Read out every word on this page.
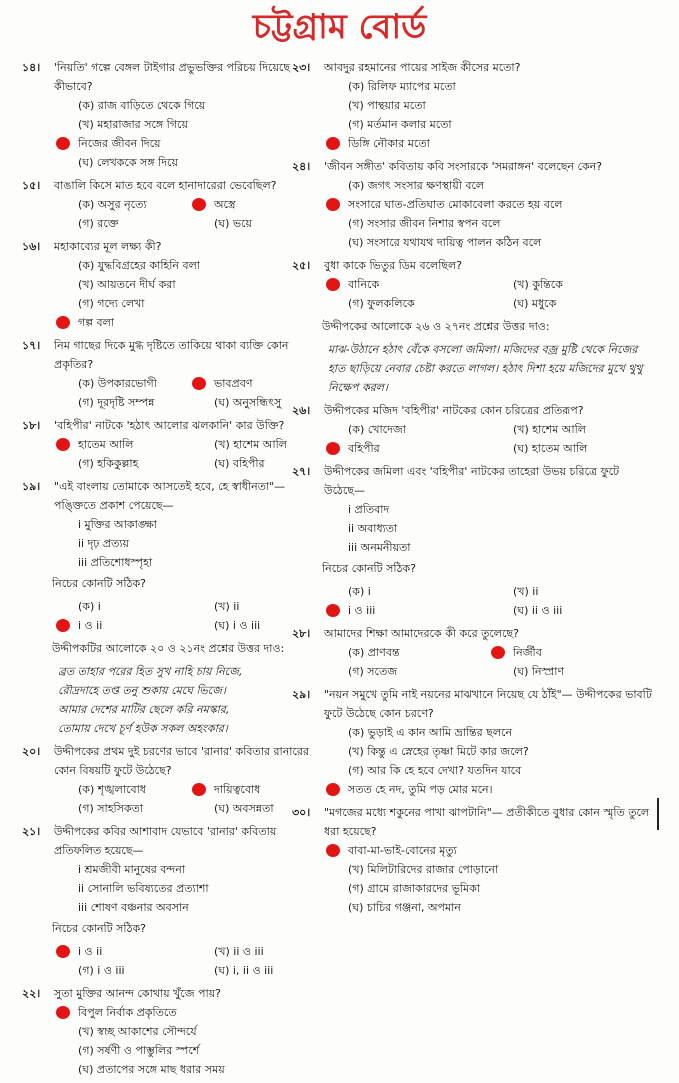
চট্টগ্রাম বোর্ড
১৪।	'নিয়তি' গল্পে বেঙ্গল টাইগার প্রভুভক্তির পরিচয় দিয়েছে কীভাবে?
(ক) রাজ বাড়িতে থেকে গিয়ে
(খ) মহারাজার সঙ্গে গিয়ে
নিজের জীবন দিয়ে
(ঘ) লেখককে সঙ্গ দিয়ে
১৫।	বাঙালি কিসে মাত হবে বলে হানাদারেরা ভেবেছিল?
(ক) অসুর নৃত্যে	অস্ত্রে
(গ) রক্তে	(ঘ) ভয়ে
১৬।	মহাকাব্যের মূল লক্ষ্য কী?
(ক) যুদ্ধবিগ্রহের কাহিনি বলা
(খ) আয়তনে দীর্ঘ করা
(গ) গদ্যে লেখা
গল্প বলা
১৭।	নিম গাছের দিকে মুগ্ধ দৃষ্টিতে তাকিয়ে থাকা ব্যক্তি কোন প্রকৃতির?
(ক) উপকারভোগী	ভাবপ্রবণ
(গ) দূরদৃষ্টি সম্পন্ন	(ঘ) অনুসন্ধিৎসু
১৮।	'বহিপীর' নাটকে 'হঠাৎ আলোর ঝলকানি' কার উক্তি?
হাতেম আলি	(খ) হাশেম আলি
(গ) হকিকুল্লাহ	(ঘ) বহিপীর
১৯।	"এই বাংলায় তোমাকে আসতেই হবে, হে স্বাধীনতা"— পঙ্ক্তিতে প্রকাশ পেয়েছে—
i মুক্তির আকাঙ্ক্ষা
ii দৃঢ় প্রত্যয়
iii প্রতিশোধস্পৃহা
নিচের কোনটি সঠিক?
(ক) i	(খ) ii
i ও ii	(ঘ) i ও iii
উদ্দীপকটির আলোকে ২০ ও ২১নং প্রশ্নের উত্তর দাও:
ব্রত তাহার পরের হিত সুখ নাহি চায় নিজে,
রৌদ্রদাহে তপ্ত তনু শুকায় মেঘে ভিজে।
আমার দেশের মাটির ছেলে করি নমস্কার,
তোমায় দেখে চূর্ণ হউক সকল অহংকার।
২০।	উদ্দীপকের প্রথম দুই চরণের ভাবে 'রানার' কবিতার রানারের কোন বিষয়টি ফুটে উঠেছে?
(ক) শৃঙ্খলাবোধ	দায়িত্ববোধ
(গ) সাহসিকতা	(ঘ) অবসন্নতা
২১।	উদ্দীপকের কবির আশাবাদ যেভাবে 'রানার' কবিতায় প্রতিফলিত হয়েছে—
i শ্রমজীবী মানুষের বন্দনা
ii সোনালি ভবিষ্যতের প্রত্যাশা
iii শোষণ বঞ্চনার অবসান
নিচের কোনটি সঠিক?
i ও ii	(খ) ii ও iii
(গ) i ও iii	(ঘ) i, ii ও iii
২২।	সুতা মুক্তির আনন্দ কোথায় খুঁজে পায়?
বিপুল নির্বাক প্রকৃতিতে
(খ) স্বচ্ছ আকাশের সৌন্দর্যে
(গ) সর্ষণী ও পাম্ভুলির স্পর্শে
(ঘ) প্রতাপের সঙ্গে মাছ ধরার সময়
২৩।	আবদুর রহমানের পায়ের সাইজ কীসের মতো?
(ক) রিলিফ ম্যাপের মতো
(খ) পান্থয়ার মতো
(গ) মর্তমান কলার মতো
ডিঙ্গি নৌকার মতো
২৪।	'জীবন সঙ্গীত' কবিতায় কবি সংসারকে 'সমরাঙ্গন' বলেছেন কেন?
(ক) জগৎ সংসার ক্ষণস্থায়ী বলে
সংসারে ঘাত-প্রতিঘাত মোকাবেলা করতে হয় বলে
(গ) সংসার জীবন নিশার স্বপন বলে
(ঘ) সংসারে যথাযথ দায়িত্ব পালন কঠিন বলে
২৫।	বুধা কাকে ভিতুর ডিম বলেছিল?
বানিকে	(খ) কুন্তিকে
(গ) ফুলকলিকে	(ঘ) মধুকে
উদ্দীপকের আলোকে ২৬ ও ২৭নং প্রশ্নের উত্তর দাও:
মাঝ-উঠানে হঠাৎ বেঁকে বসলো জমিলা। মজিদের বজ্র মুষ্টি থেকে নিজের হাত ছাড়িয়ে নেবার চেষ্টা করতে লাগল। হঠাৎ দিশা হয়ে মজিদের মুখে থুথু নিক্ষেপ করল।
২৬।	উদ্দীপকের মজিদ 'বহিপীর' নাটকের কোন চরিত্রের প্রতিরূপ?
(ক) খোদেজা	(খ) হাশেম আলি
বহিপীর	(ঘ) হাতেম আলি
২৭।	উদ্দীপকের জমিলা এবং 'বহিপীর' নাটকের তাহেরা উভয় চরিত্রে ফুটে উঠেছে—
i প্রতিবাদ
ii অবাধ্যতা
iii অনমনীয়তা
নিচের কোনটি সঠিক?
(ক) i	(খ) ii
i ও iii	(ঘ) ii ও iii
২৮।	আমাদের শিক্ষা আমাদেরকে কী করে তুলেছে?
(ক) প্রাণবন্ত	নির্জীব
(গ) সতেজ	(ঘ) নিস্প্রাণ
২৯।	"নয়ন সমুখে তুমি নাই নয়নের মাঝখানে নিয়েছ যে ঠাঁই"— উদ্দীপকের ভাবটি ফুটে উঠেছে কোন চরণে?
(ক) ভুড়াই এ কান আমি ভ্রান্তির ছলনে
(খ) কিন্তু এ স্নেহের তৃষ্ণা মিটে কার জলে?
(গ) আর কি হে হবে দেখা? যতদিন যাবে
সতত হে নদ, তুমি পড় মোর মনে।
৩০।	"মগজের মধ্যে শকুনের পাখা ঝাপটানি"— প্রতীকীতে বুধার কোন স্মৃতি তুলে ধরা হয়েছে?
বাবা-মা-ভাই-বোনের মৃত্যু
(খ) মিলিটারিদের রাজার পোড়ানো
(গ) গ্রামে রাজাকারদের ভূমিকা
(ঘ) চাচির গঞ্জনা, অপমান
